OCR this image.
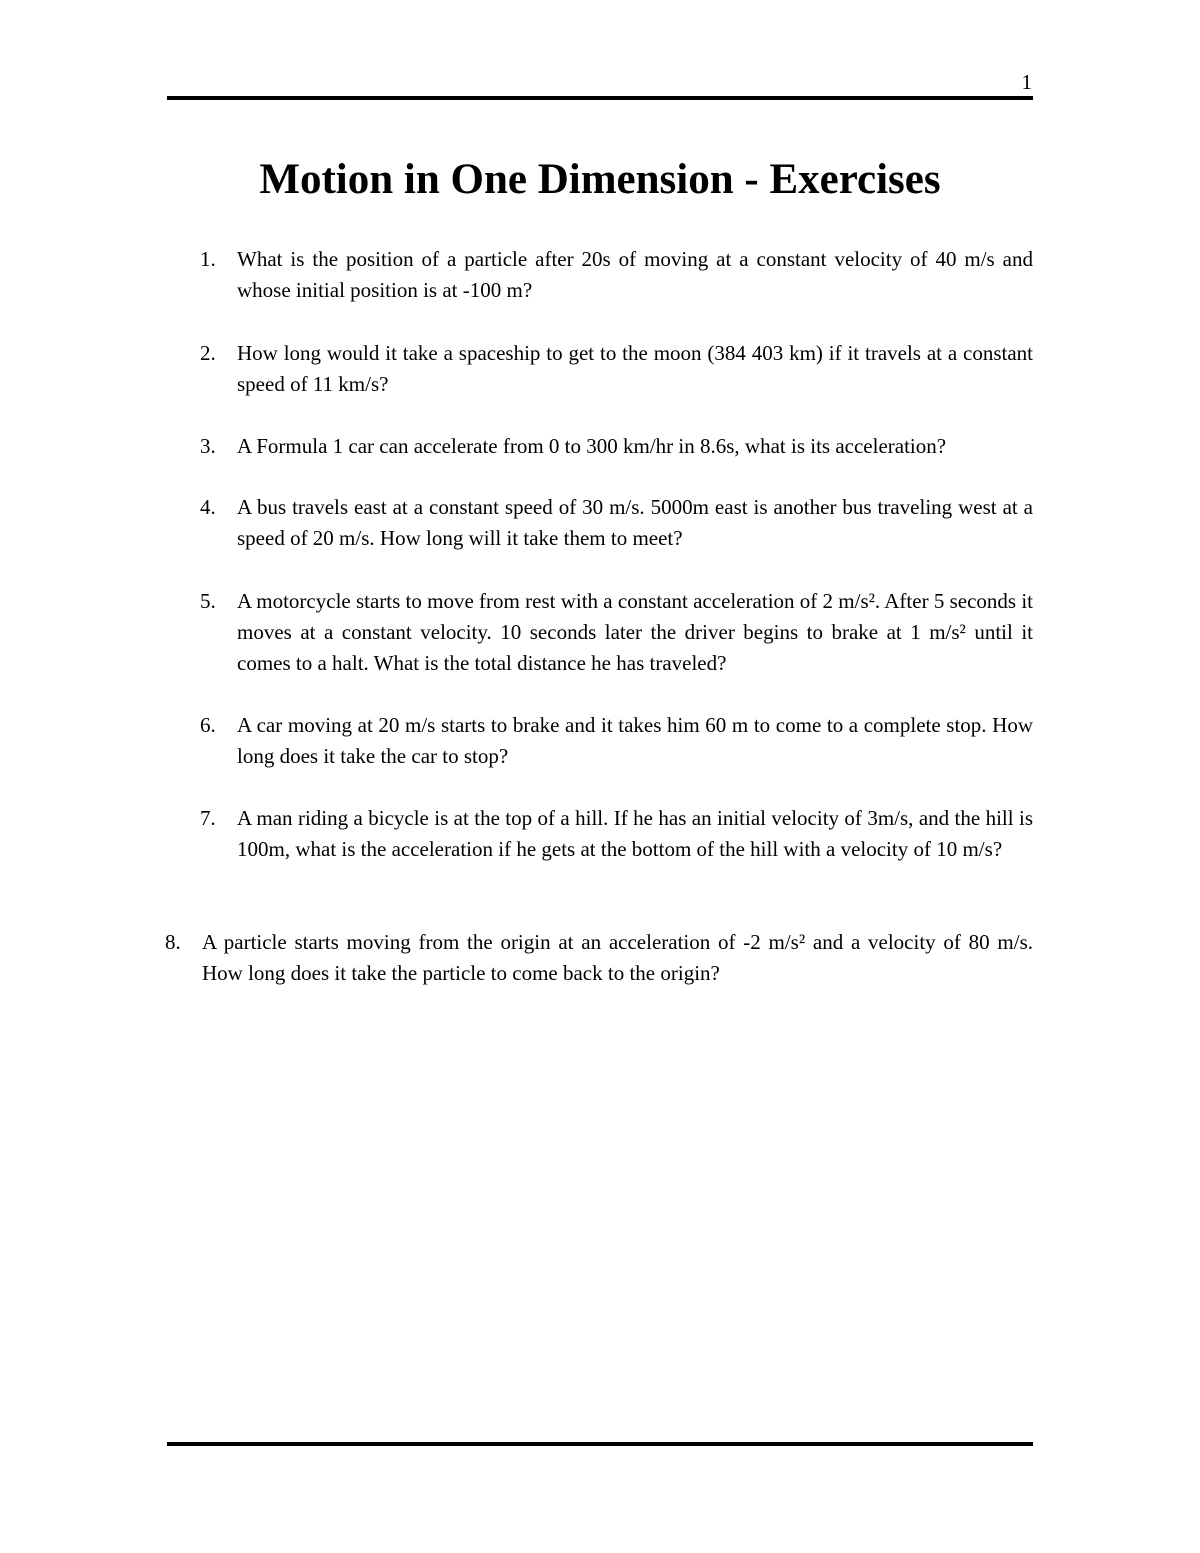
1
Motion in One Dimension - Exercises
1. What is the position of a particle after 20s of moving at a constant velocity of 40 m/s and whose initial position is at -100 m?
2. How long would it take a spaceship to get to the moon (384 403 km) if it travels at a constant speed of 11 km/s?
3. A Formula 1 car can accelerate from 0 to 300 km/hr in 8.6s, what is its acceleration?
4. A bus travels east at a constant speed of 30 m/s. 5000m east is another bus traveling west at a speed of 20 m/s. How long will it take them to meet?
5. A motorcycle starts to move from rest with a constant acceleration of 2 m/s². After 5 seconds it moves at a constant velocity. 10 seconds later the driver begins to brake at 1 m/s² until it comes to a halt. What is the total distance he has traveled?
6. A car moving at 20 m/s starts to brake and it takes him 60 m to come to a complete stop. How long does it take the car to stop?
7. A man riding a bicycle is at the top of a hill. If he has an initial velocity of 3m/s, and the hill is 100m, what is the acceleration if he gets at the bottom of the hill with a velocity of 10 m/s?
8. A particle starts moving from the origin at an acceleration of -2 m/s² and a velocity of 80 m/s. How long does it take the particle to come back to the origin?
